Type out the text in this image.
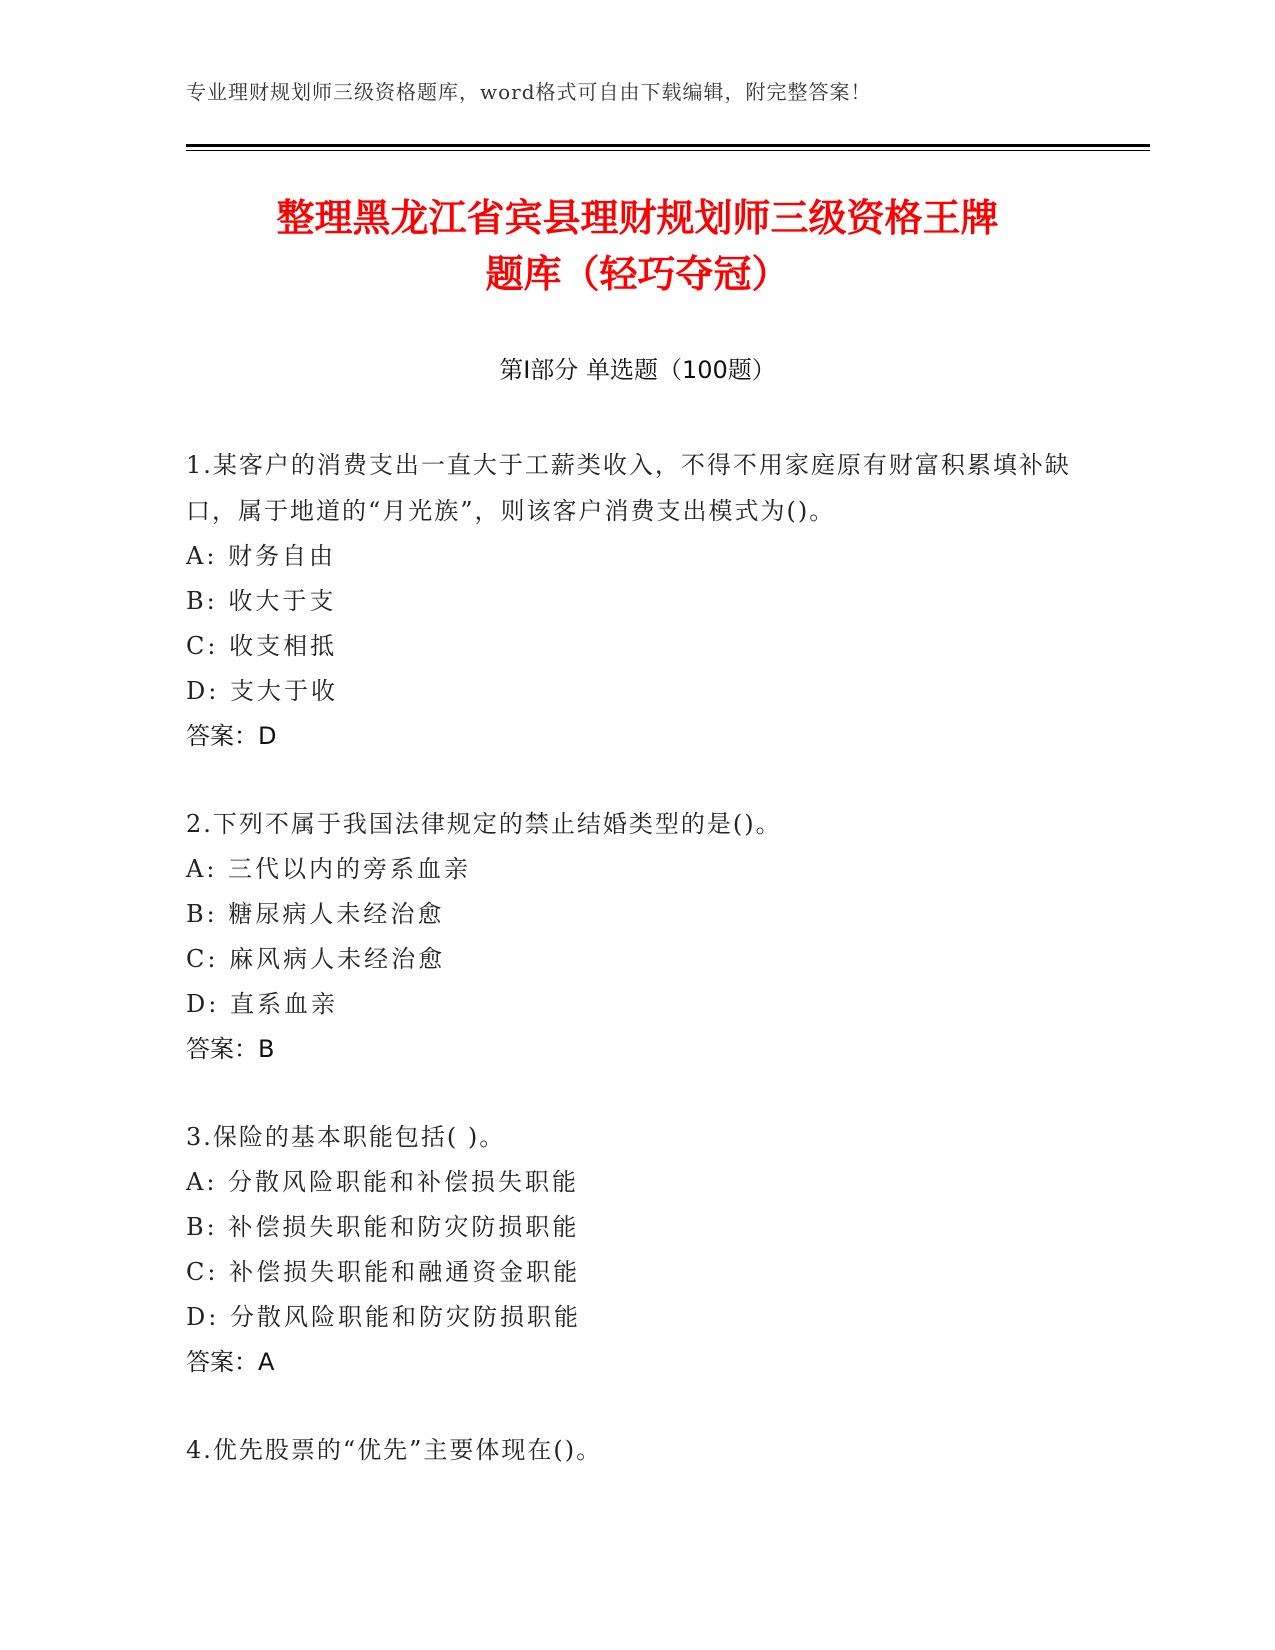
专业理财规划师三级资格题库，word格式可自由下载编辑，附完整答案！
整理黑龙江省宾县理财规划师三级资格王牌
题库（轻巧夺冠）
第Ⅰ部分 单选题（100题）
1.某客户的消费支出一直大于工薪类收入，不得不用家庭原有财富积累填补缺口，属于地道的“月光族”，则该客户消费支出模式为()。
A: 财务自由
B: 收大于支
C: 收支相抵
D: 支大于收
答案：D
2.下列不属于我国法律规定的禁止结婚类型的是()。
A: 三代以内的旁系血亲
B: 糖尿病人未经治愈
C: 麻风病人未经治愈
D: 直系血亲
答案：B
3.保险的基本职能包括( )。
A: 分散风险职能和补偿损失职能
B: 补偿损失职能和防灾防损职能
C: 补偿损失职能和融通资金职能
D: 分散风险职能和防灾防损职能
答案：A
4.优先股票的“优先”主要体现在()。
